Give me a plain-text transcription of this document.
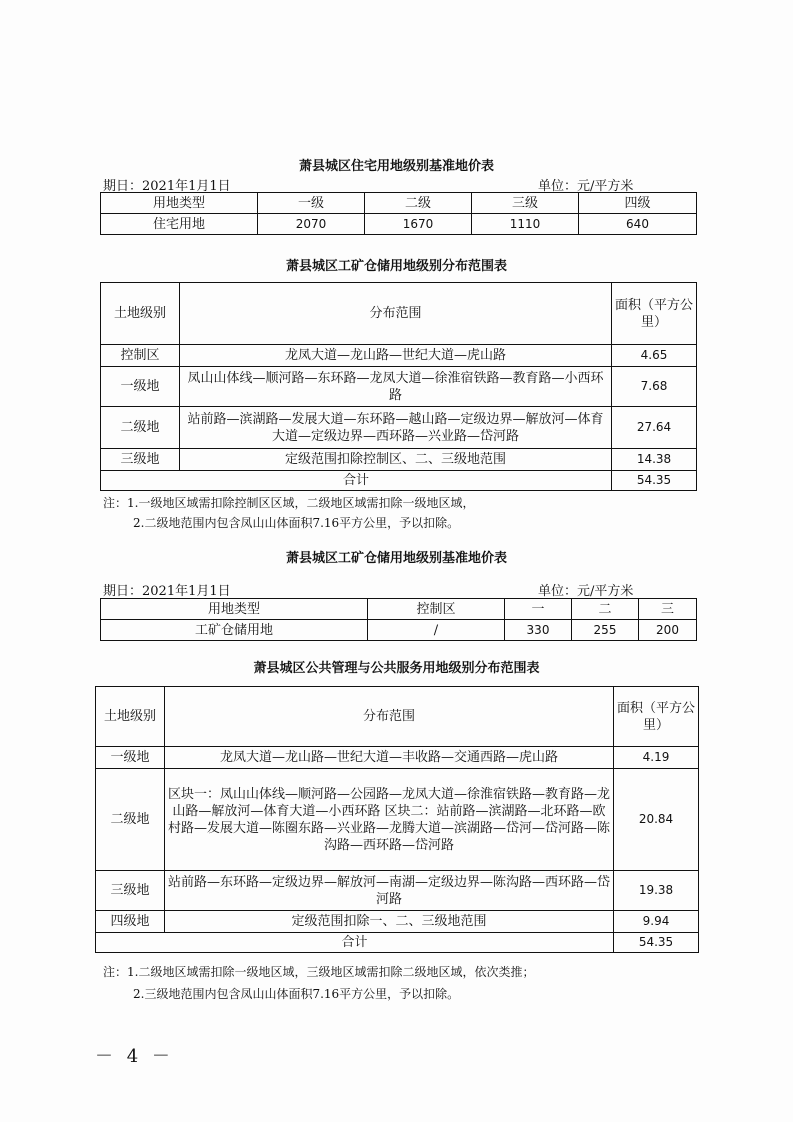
萧县城区住宅用地级别基准地价表
期日：2021年1月1日	单位：元/平方米
用地类型	一级	二级	三级	四级
住宅用地	2070	1670	1110	640
萧县城区工矿仓储用地级别分布范围表
土地级别	分布范围	面积（平方公里）
控制区	龙凤大道—龙山路—世纪大道—虎山路	4.65
一级地	凤山山体线—顺河路—东环路—龙凤大道—徐淮宿铁路—教育路—小西环路	7.68
二级地	站前路—滨湖路—发展大道—东环路—越山路—定级边界—解放河—体育大道—定级边界—西环路—兴业路—岱河路	27.64
三级地	定级范围扣除控制区、二、三级地范围	14.38
合计		54.35
注：1.一级地区域需扣除控制区区域，二级地区域需扣除一级地区域，
2.二级地范围内包含凤山山体面积7.16平方公里，予以扣除。
萧县城区工矿仓储用地级别基准地价表
期日：2021年1月1日	单位：元/平方米
用地类型	控制区	一	二	三
工矿仓储用地	/	330	255	200
萧县城区公共管理与公共服务用地级别分布范围表
土地级别	分布范围	面积（平方公里）
一级地	龙凤大道—龙山路—世纪大道—丰收路—交通西路—虎山路	4.19
二级地	区块一：凤山山体线—顺河路—公园路—龙凤大道—徐淮宿铁路—教育路—龙山路—解放河—体育大道—小西环路 区块二：站前路—滨湖路—北环路—欧村路—发展大道—陈圈东路—兴业路—龙腾大道—滨湖路—岱河—岱河路—陈沟路—西环路—岱河路	20.84
三级地	站前路—东环路—定级边界—解放河—南湖—定级边界—陈沟路—西环路—岱河路	19.38
四级地	定级范围扣除一、二、三级地范围	9.94
合计		54.35
注：1.二级地区域需扣除一级地区域，三级地区域需扣除二级地区域，依次类推；
2.三级地范围内包含凤山山体面积7.16平方公里，予以扣除。
－ 4 －
